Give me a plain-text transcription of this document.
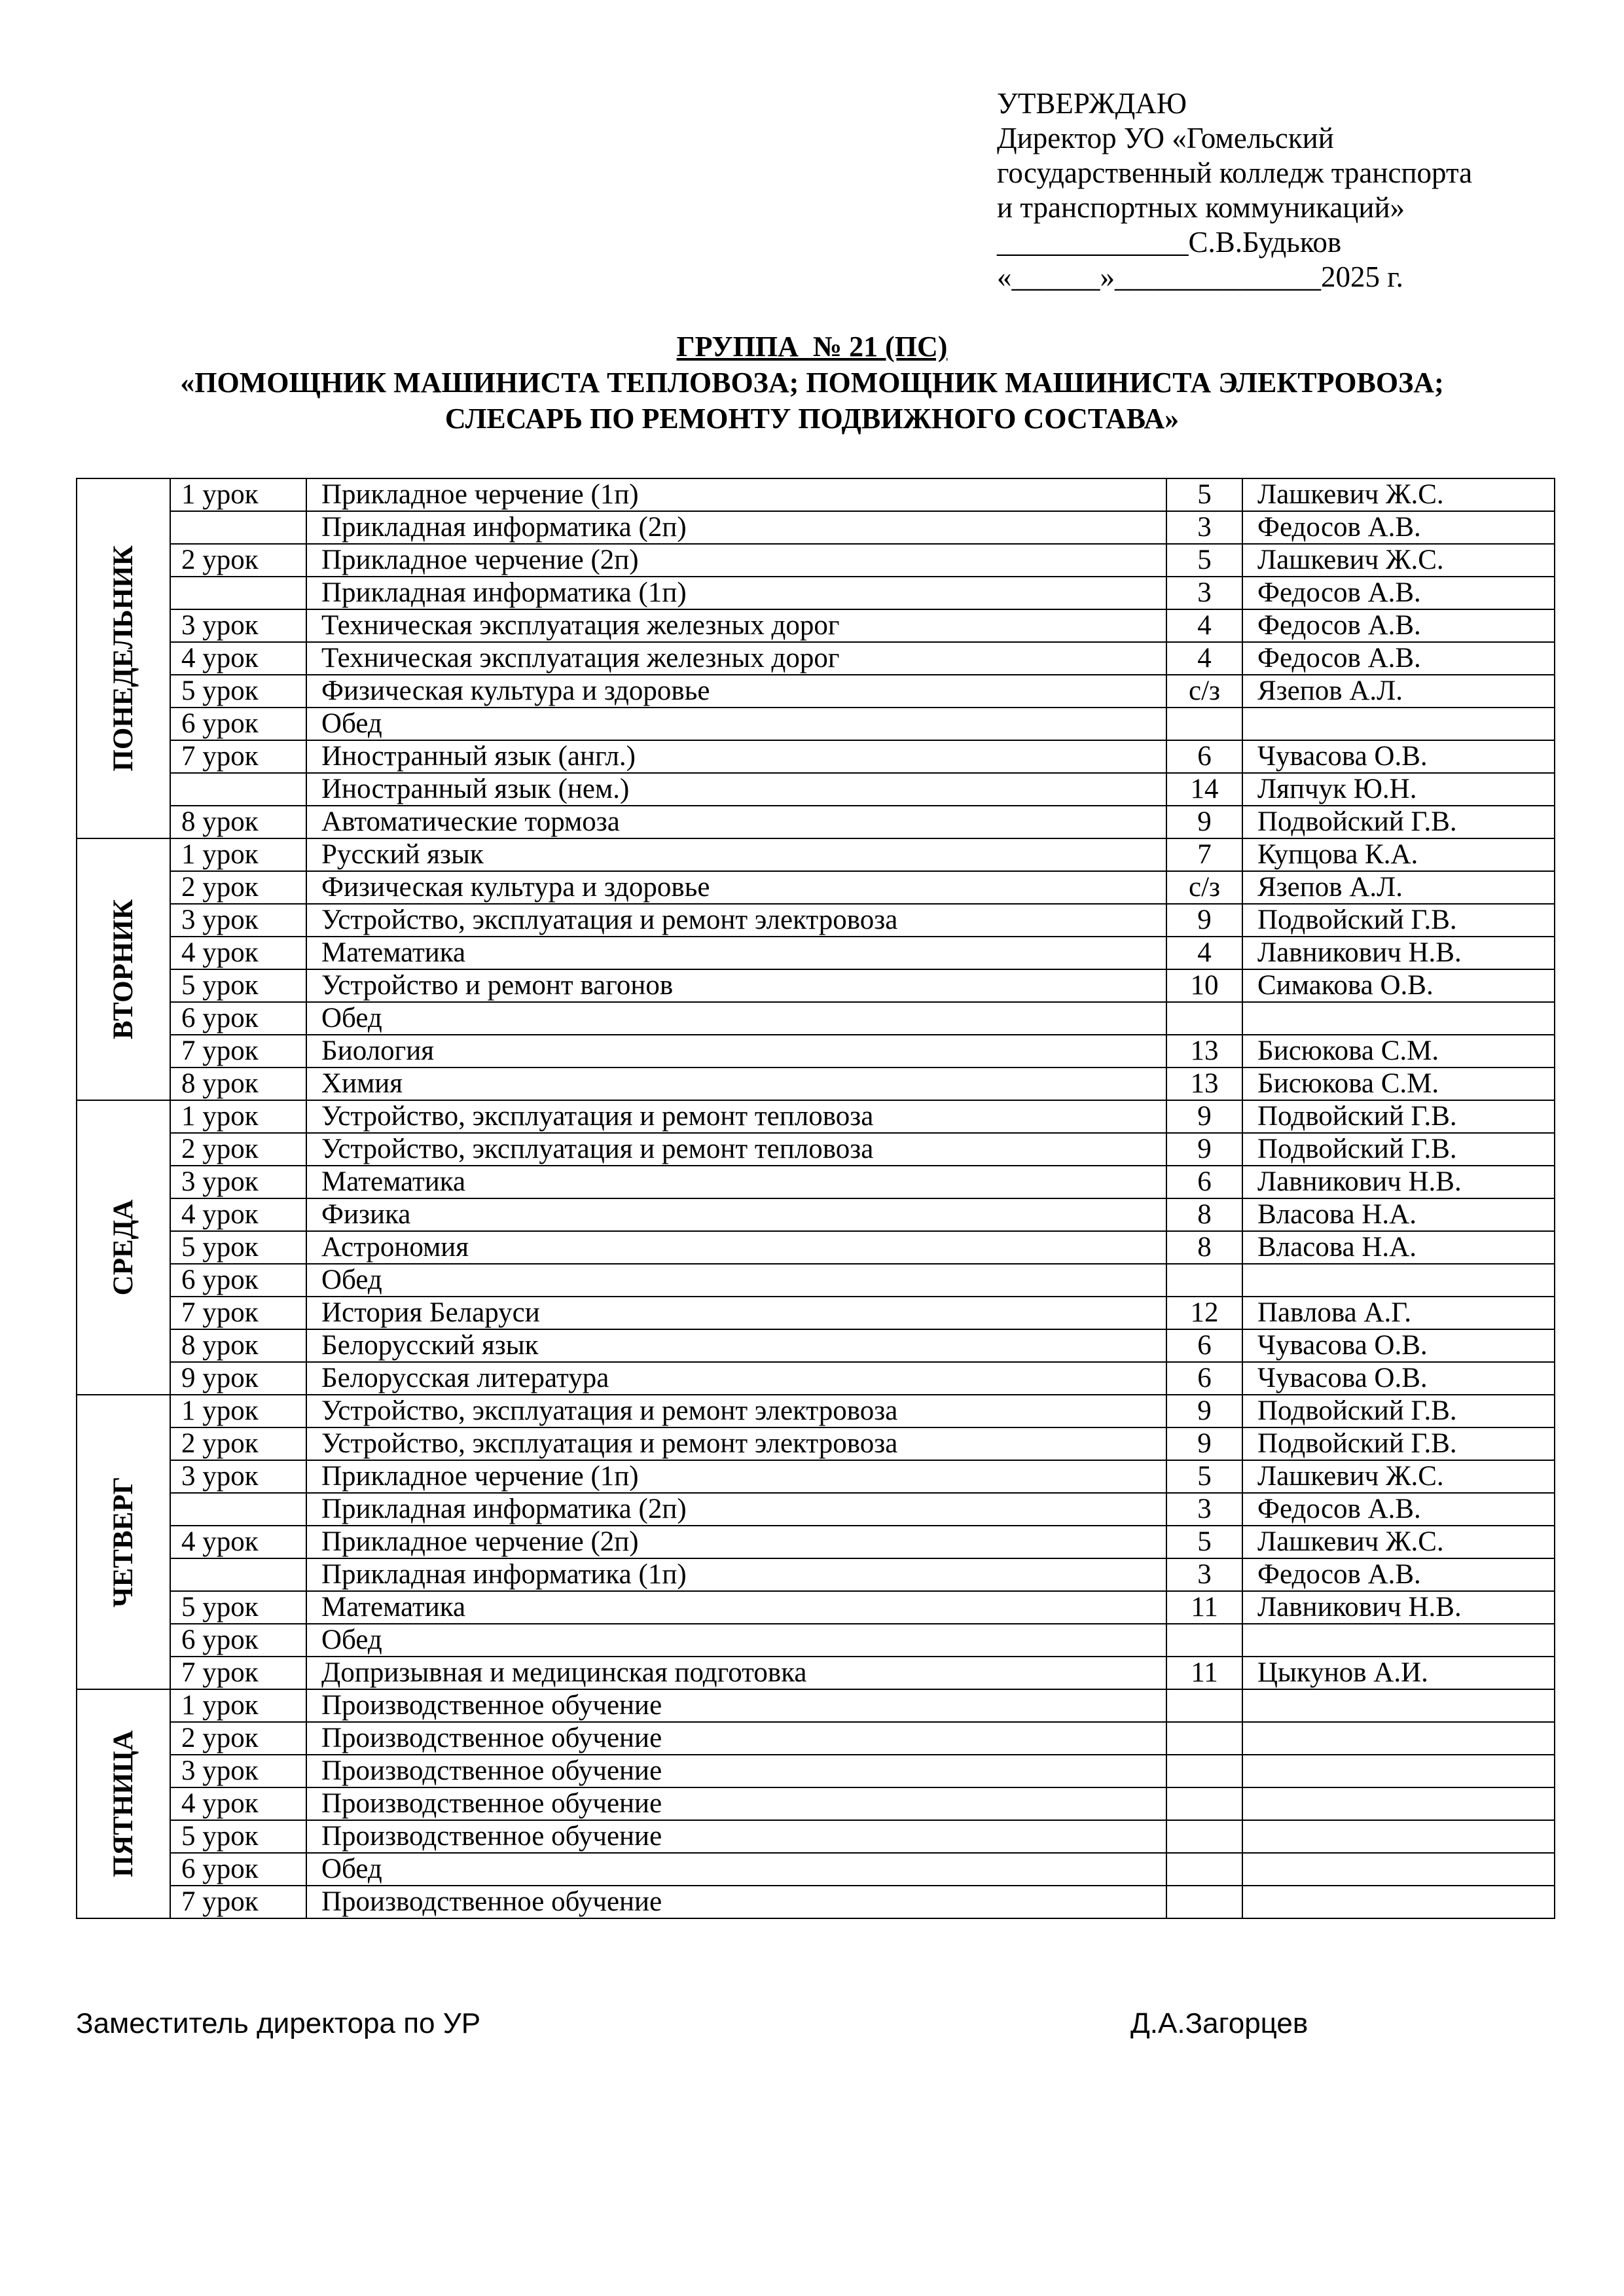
УТВЕРЖДАЮ
Директор УО «Гомельский
государственный колледж транспорта
и транспортных коммуникаций»
_____________С.В.Будьков
«______»______________2025 г.
ГРУППА  № 21 (ПС)
«ПОМОЩНИК МАШИНИСТА ТЕПЛОВОЗА; ПОМОЩНИК МАШИНИСТА ЭЛЕКТРОВОЗА;
СЛЕСАРЬ ПО РЕМОНТУ ПОДВИЖНОГО СОСТАВА»
ПОНЕДЕЛЬНИК	1 урок	Прикладное черчение (1п)	5	Лашкевич Ж.С.
		Прикладная информатика (2п)	3	Федосов А.В.
	2 урок	Прикладное черчение (2п)	5	Лашкевич Ж.С.
		Прикладная информатика (1п)	3	Федосов А.В.
	3 урок	Техническая эксплуатация железных дорог	4	Федосов А.В.
	4 урок	Техническая эксплуатация железных дорог	4	Федосов А.В.
	5 урок	Физическая культура и здоровье	с/з	Язепов А.Л.
	6 урок	Обед		
	7 урок	Иностранный язык (англ.)	6	Чувасова О.В.
		Иностранный язык (нем.)	14	Ляпчук Ю.Н.
	8 урок	Автоматические тормоза	9	Подвойский Г.В.

ВТОРНИК	1 урок	Русский язык	7	Купцова К.А.
	2 урок	Физическая культура и здоровье	с/з	Язепов А.Л.
	3 урок	Устройство, эксплуатация и ремонт электровоза	9	Подвойский Г.В.
	4 урок	Математика	4	Лавникович Н.В.
	5 урок	Устройство и ремонт вагонов	10	Симакова О.В.
	6 урок	Обед		
	7 урок	Биология	13	Бисюкова С.М.
	8 урок	Химия	13	Бисюкова С.М.

СРЕДА	1 урок	Устройство, эксплуатация и ремонт тепловоза	9	Подвойский Г.В.
	2 урок	Устройство, эксплуатация и ремонт тепловоза	9	Подвойский Г.В.
	3 урок	Математика	6	Лавникович Н.В.
	4 урок	Физика	8	Власова Н.А.
	5 урок	Астрономия	8	Власова Н.А.
	6 урок	Обед		
	7 урок	История Беларуси	12	Павлова А.Г.
	8 урок	Белорусский язык	6	Чувасова О.В.
	9 урок	Белорусская литература	6	Чувасова О.В.

ЧЕТВЕРГ	1 урок	Устройство, эксплуатация и ремонт электровоза	9	Подвойский Г.В.
	2 урок	Устройство, эксплуатация и ремонт электровоза	9	Подвойский Г.В.
	3 урок	Прикладное черчение (1п)	5	Лашкевич Ж.С.
		Прикладная информатика (2п)	3	Федосов А.В.
	4 урок	Прикладное черчение (2п)	5	Лашкевич Ж.С.
		Прикладная информатика (1п)	3	Федосов А.В.
	5 урок	Математика	11	Лавникович Н.В.
	6 урок	Обед		
	7 урок	Допризывная и медицинская подготовка	11	Цыкунов А.И.

ПЯТНИЦА	1 урок	Производственное обучение		
	2 урок	Производственное обучение		
	3 урок	Производственное обучение		
	4 урок	Производственное обучение		
	5 урок	Производственное обучение		
	6 урок	Обед		
	7 урок	Производственное обучение		
Заместитель директора по УР	Д.А.Загорцев
